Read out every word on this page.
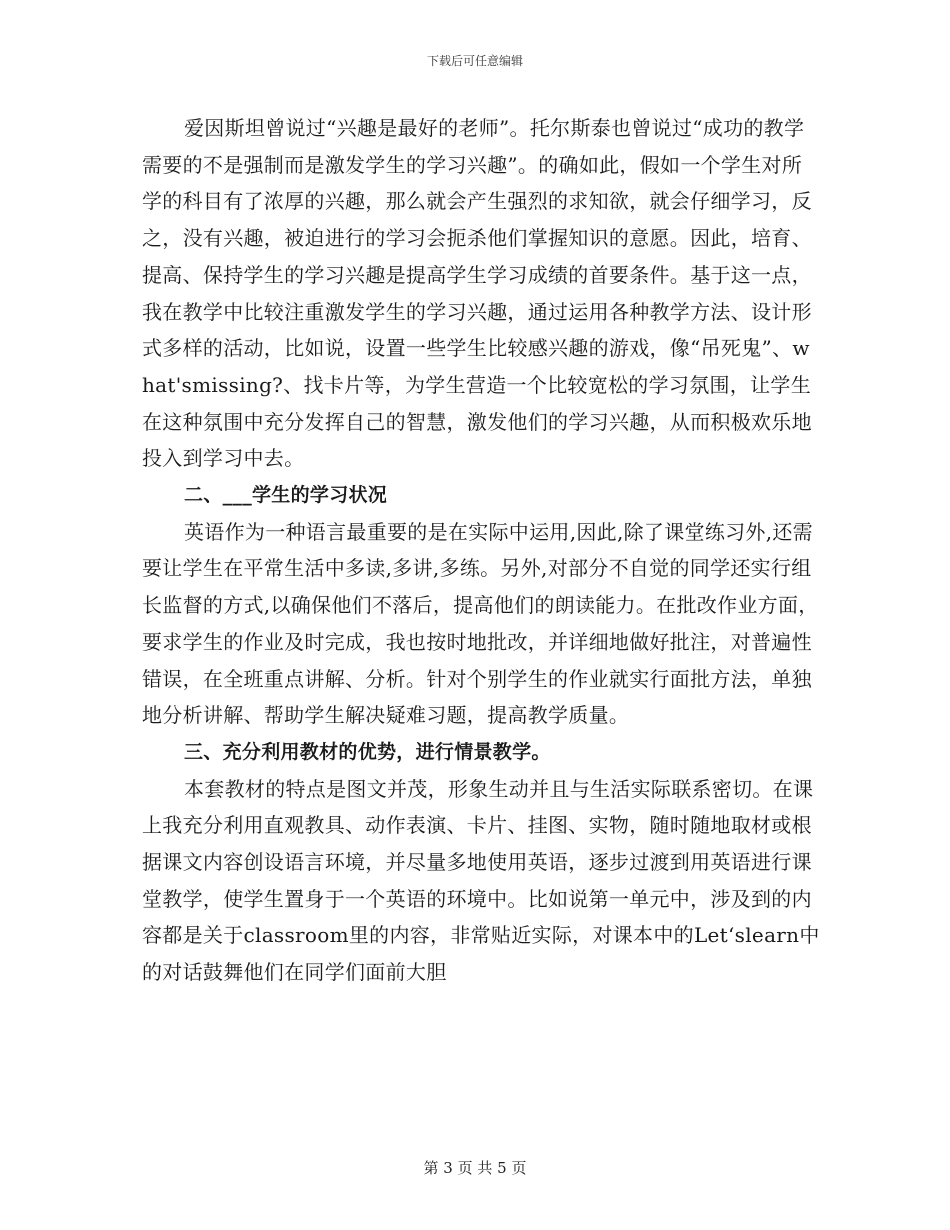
下载后可任意编辑

爱因斯坦曾说过“兴趣是最好的老师”。托尔斯泰也曾说过“成功的教学需要的不是强制而是激发学生的学习兴趣”。的确如此，假如一个学生对所学的科目有了浓厚的兴趣，那么就会产生强烈的求知欲，就会仔细学习，反之，没有兴趣，被迫进行的学习会扼杀他们掌握知识的意愿。因此，培育、提高、保持学生的学习兴趣是提高学生学习成绩的首要条件。基于这一点，我在教学中比较注重激发学生的学习兴趣，通过运用各种教学方法、设计形式多样的活动，比如说，设置一些学生比较感兴趣的游戏，像“吊死鬼”、what'smissing?、找卡片等，为学生营造一个比较宽松的学习氛围，让学生在这种氛围中充分发挥自己的智慧，激发他们的学习兴趣，从而积极欢乐地投入到学习中去。

二、___学生的学习状况

英语作为一种语言最重要的是在实际中运用,因此,除了课堂练习外,还需要让学生在平常生活中多读,多讲,多练。另外,对部分不自觉的同学还实行组长监督的方式,以确保他们不落后，提高他们的朗读能力。在批改作业方面，要求学生的作业及时完成，我也按时地批改，并详细地做好批注，对普遍性错误，在全班重点讲解、分析。针对个别学生的作业就实行面批方法，单独地分析讲解、帮助学生解决疑难习题，提高教学质量。

三、充分利用教材的优势，进行情景教学。

本套教材的特点是图文并茂，形象生动并且与生活实际联系密切。在课上我充分利用直观教具、动作表演、卡片、挂图、实物，随时随地取材或根据课文内容创设语言环境，并尽量多地使用英语，逐步过渡到用英语进行课堂教学，使学生置身于一个英语的环境中。比如说第一单元中，涉及到的内容都是关于classroom里的内容，非常贴近实际，对课本中的Let‘slearn中的对话鼓舞他们在同学们面前大胆

第 3 页 共 5 页
